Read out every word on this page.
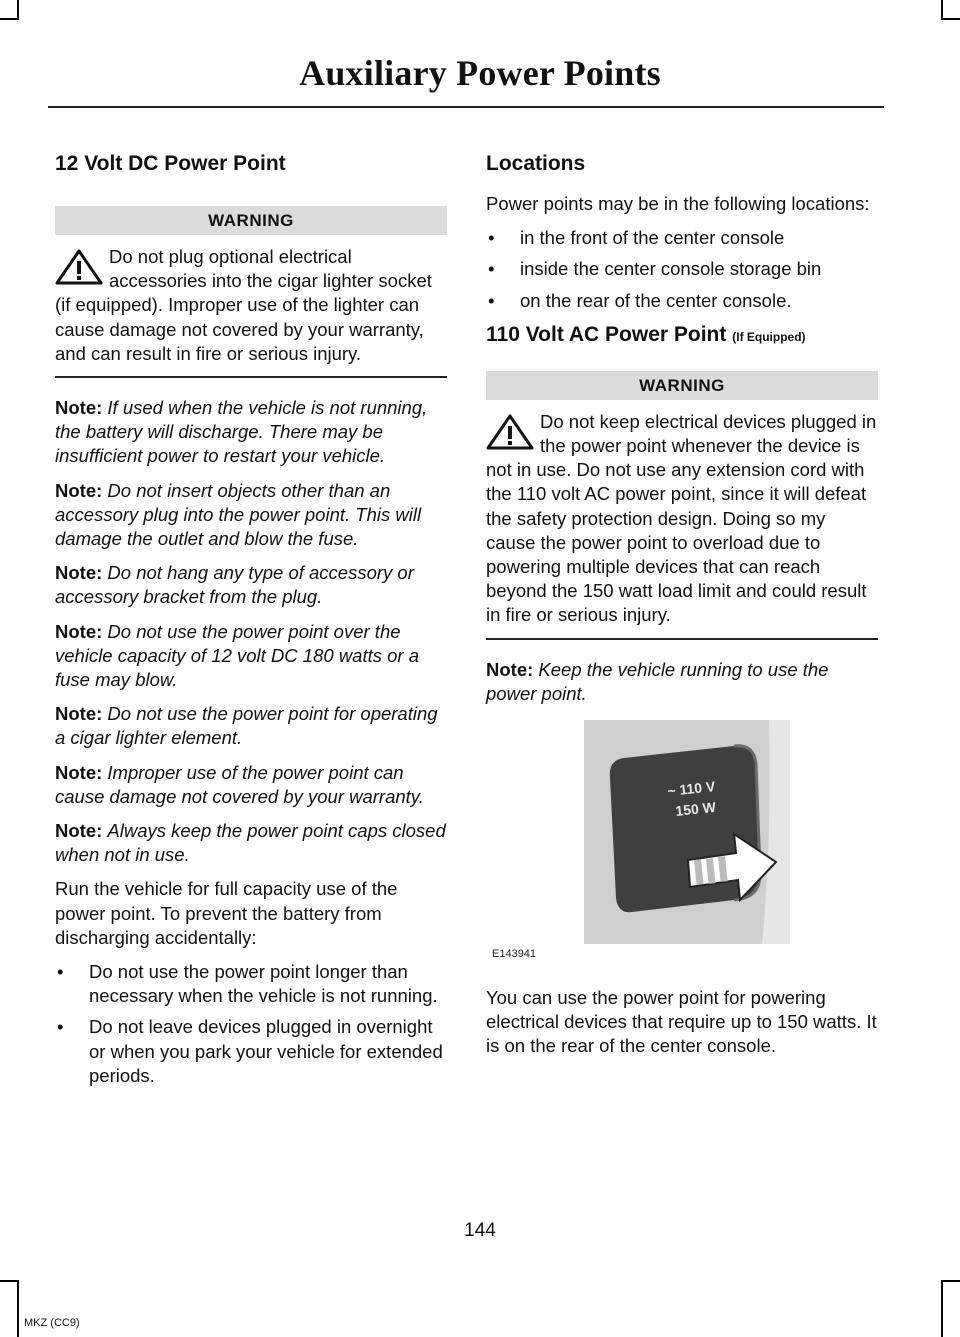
Auxiliary Power Points
12 Volt DC Power Point
WARNING
Do not plug optional electrical accessories into the cigar lighter socket (if equipped). Improper use of the lighter can cause damage not covered by your warranty, and can result in fire or serious injury.

Note: If used when the vehicle is not running, the battery will discharge. There may be insufficient power to restart your vehicle.

Note: Do not insert objects other than an accessory plug into the power point. This will damage the outlet and blow the fuse.

Note: Do not hang any type of accessory or accessory bracket from the plug.

Note: Do not use the power point over the vehicle capacity of 12 volt DC 180 watts or a fuse may blow.

Note: Do not use the power point for operating a cigar lighter element.

Note: Improper use of the power point can cause damage not covered by your warranty.

Note: Always keep the power point caps closed when not in use.

Run the vehicle for full capacity use of the power point. To prevent the battery from discharging accidentally:

• Do not use the power point longer than necessary when the vehicle is not running.
• Do not leave devices plugged in overnight or when you park your vehicle for extended periods.
Locations

Power points may be in the following locations:

• in the front of the center console
• inside the center console storage bin
• on the rear of the center console.
110 Volt AC Power Point (If Equipped)
WARNING
Do not keep electrical devices plugged in the power point whenever the device is not in use. Do not use any extension cord with the 110 volt AC power point, since it will defeat the safety protection design. Doing so my cause the power point to overload due to powering multiple devices that can reach beyond the 150 watt load limit and could result in fire or serious injury.

Note: Keep the vehicle running to use the power point.

~ 110 V
150 W
E143941

You can use the power point for powering electrical devices that require up to 150 watts. It is on the rear of the center console.

144
MKZ (CC9)
